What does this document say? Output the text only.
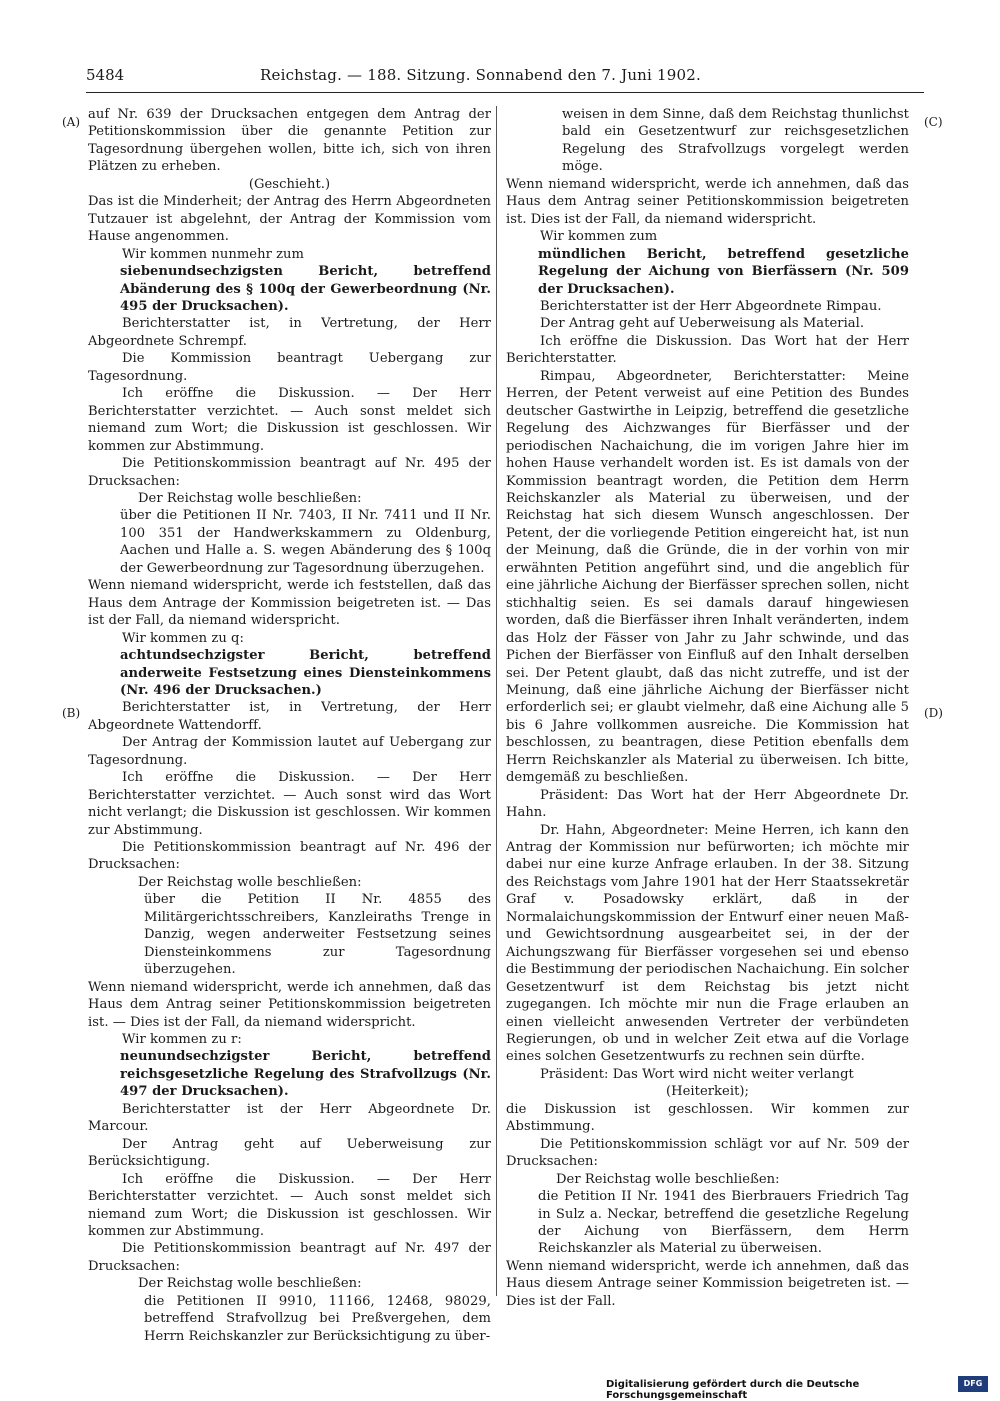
5484	Reichstag. — 188. Sitzung. Sonnabend den 7. Juni 1902.
(A)
(B)
(C)
(D)

auf Nr. 639 der Drucksachen entgegen dem Antrag der Petitionskommission über die genannte Petition zur Tagesordnung übergehen wollen, bitte ich, sich von ihren Plätzen zu erheben.

(Geschieht.)

Das ist die Minderheit; der Antrag des Herrn Abgeordneten Tutzauer ist abgelehnt, der Antrag der Kommission vom Hause angenommen.

Wir kommen nunmehr zum

siebenundsechzigsten Bericht, betreffend Abänderung des § 100q der Gewerbeordnung (Nr. 495 der Drucksachen).

Berichterstatter ist, in Vertretung, der Herr Abgeordnete Schrempf.

Die Kommission beantragt Uebergang zur Tagesordnung.

Ich eröffne die Diskussion. — Der Herr Berichterstatter verzichtet. — Auch sonst meldet sich niemand zum Wort; die Diskussion ist geschlossen. Wir kommen zur Abstimmung.

Die Petitionskommission beantragt auf Nr. 495 der Drucksachen:

Der Reichstag wolle beschließen:

über die Petitionen II Nr. 7403, II Nr. 7411 und II Nr. 100 351 der Handwerkskammern zu Oldenburg, Aachen und Halle a. S. wegen Abänderung des § 100q der Gewerbeordnung zur Tagesordnung überzugehen.

Wenn niemand widerspricht, werde ich feststellen, daß das Haus dem Antrage der Kommission beigetreten ist. — Das ist der Fall, da niemand widerspricht.

Wir kommen zu q:

achtundsechzigster Bericht, betreffend anderweite Festsetzung eines Diensteinkommens (Nr. 496 der Drucksachen.)

Berichterstatter ist, in Vertretung, der Herr Abgeordnete Wattendorff.

Der Antrag der Kommission lautet auf Uebergang zur Tagesordnung.

Ich eröffne die Diskussion. — Der Herr Berichterstatter verzichtet. — Auch sonst wird das Wort nicht verlangt; die Diskussion ist geschlossen. Wir kommen zur Abstimmung.

Die Petitionskommission beantragt auf Nr. 496 der Drucksachen:

Der Reichstag wolle beschließen:

über die Petition II Nr. 4855 des Militärgerichtsschreibers, Kanzleiraths Trenge in Danzig, wegen anderweiter Festsetzung seines Diensteinkommens zur Tagesordnung überzugehen.

Wenn niemand widerspricht, werde ich annehmen, daß das Haus dem Antrag seiner Petitionskommission beigetreten ist. — Dies ist der Fall, da niemand widerspricht.

Wir kommen zu r:

neunundsechzigster Bericht, betreffend reichsgesetzliche Regelung des Strafvollzugs (Nr. 497 der Drucksachen).

Berichterstatter ist der Herr Abgeordnete Dr. Marcour.

Der Antrag geht auf Ueberweisung zur Berücksichtigung.

Ich eröffne die Diskussion. — Der Herr Berichterstatter verzichtet. — Auch sonst meldet sich niemand zum Wort; die Diskussion ist geschlossen. Wir kommen zur Abstimmung.

Die Petitionskommission beantragt auf Nr. 497 der Drucksachen:

Der Reichstag wolle beschließen:

die Petitionen II 9910, 11166, 12468, 98029, betreffend Strafvollzug bei Preßvergehen, dem Herrn Reichskanzler zur Berücksichtigung zu über-

weisen in dem Sinne, daß dem Reichstag thunlichst bald ein Gesetzentwurf zur reichsgesetzlichen Regelung des Strafvollzugs vorgelegt werden möge.

Wenn niemand widerspricht, werde ich annehmen, daß das Haus dem Antrag seiner Petitionskommission beigetreten ist. Dies ist der Fall, da niemand widerspricht.

Wir kommen zum

mündlichen Bericht, betreffend gesetzliche Regelung der Aichung von Bierfässern (Nr. 509 der Drucksachen).

Berichterstatter ist der Herr Abgeordnete Rimpau.

Der Antrag geht auf Ueberweisung als Material.

Ich eröffne die Diskussion. Das Wort hat der Herr Berichterstatter.

Rimpau, Abgeordneter, Berichterstatter: Meine Herren, der Petent verweist auf eine Petition des Bundes deutscher Gastwirthe in Leipzig, betreffend die gesetzliche Regelung des Aichzwanges für Bierfässer und der periodischen Nachaichung, die im vorigen Jahre hier im hohen Hause verhandelt worden ist. Es ist damals von der Kommission beantragt worden, die Petition dem Herrn Reichskanzler als Material zu überweisen, und der Reichstag hat sich diesem Wunsch angeschlossen. Der Petent, der die vorliegende Petition eingereicht hat, ist nun der Meinung, daß die Gründe, die in der vorhin von mir erwähnten Petition angeführt sind, und die angeblich für eine jährliche Aichung der Bierfässer sprechen sollen, nicht stichhaltig seien. Es sei damals darauf hingewiesen worden, daß die Bierfässer ihren Inhalt veränderten, indem das Holz der Fässer von Jahr zu Jahr schwinde, und das Pichen der Bierfässer von Einfluß auf den Inhalt derselben sei. Der Petent glaubt, daß das nicht zutreffe, und ist der Meinung, daß eine jährliche Aichung der Bierfässer nicht erforderlich sei; er glaubt vielmehr, daß eine Aichung alle 5 bis 6 Jahre vollkommen ausreiche. Die Kommission hat beschlossen, zu beantragen, diese Petition ebenfalls dem Herrn Reichskanzler als Material zu überweisen. Ich bitte, demgemäß zu beschließen.

Präsident: Das Wort hat der Herr Abgeordnete Dr. Hahn.

Dr. Hahn, Abgeordneter: Meine Herren, ich kann den Antrag der Kommission nur befürworten; ich möchte mir dabei nur eine kurze Anfrage erlauben. In der 38. Sitzung des Reichstags vom Jahre 1901 hat der Herr Staatssekretär Graf v. Posadowsky erklärt, daß in der Normalaichungskommission der Entwurf einer neuen Maß- und Gewichtsordnung ausgearbeitet sei, in der der Aichungszwang für Bierfässer vorgesehen sei und ebenso die Bestimmung der periodischen Nachaichung. Ein solcher Gesetzentwurf ist dem Reichstag bis jetzt nicht zugegangen. Ich möchte mir nun die Frage erlauben an einen vielleicht anwesenden Vertreter der verbündeten Regierungen, ob und in welcher Zeit etwa auf die Vorlage eines solchen Gesetzentwurfs zu rechnen sein dürfte.

Präsident: Das Wort wird nicht weiter verlangt

(Heiterkeit);

die Diskussion ist geschlossen. Wir kommen zur Abstimmung.

Die Petitionskommission schlägt vor auf Nr. 509 der Drucksachen:

Der Reichstag wolle beschließen:

die Petition II Nr. 1941 des Bierbrauers Friedrich Tag in Sulz a. Neckar, betreffend die gesetzliche Regelung der Aichung von Bierfässern, dem Herrn Reichskanzler als Material zu überweisen.

Wenn niemand widerspricht, werde ich annehmen, daß das Haus diesem Antrage seiner Kommission beigetreten ist. — Dies ist der Fall.

Digitalisierung gefördert durch die Deutsche Forschungsgemeinschaft
DFG
